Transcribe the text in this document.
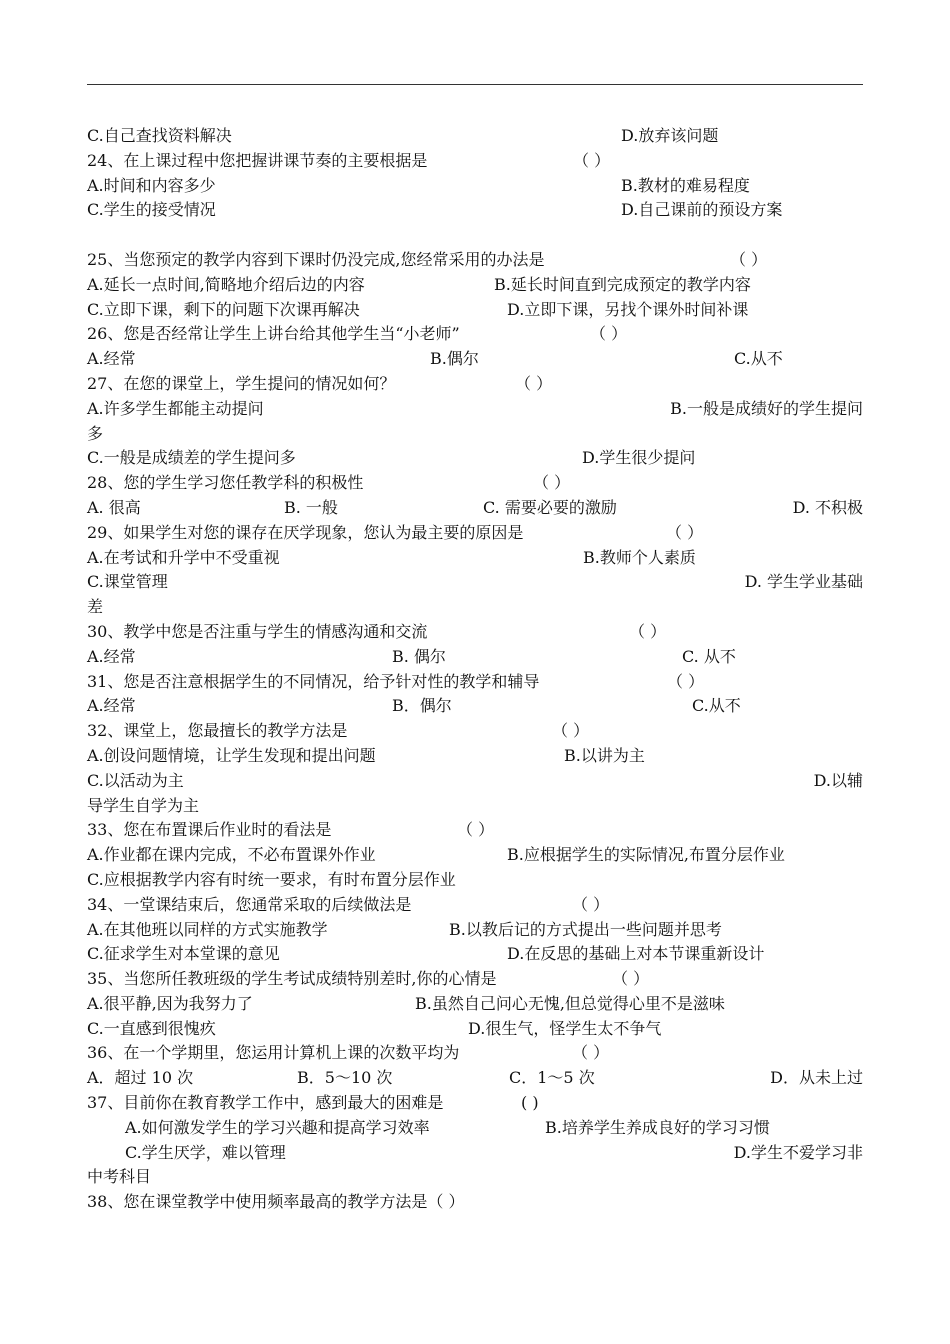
C.自己查找资料解决	D.放弃该问题
24、在上课过程中您把握讲课节奏的主要根据是	（ ）
A.时间和内容多少	B.教材的难易程度
C.学生的接受情况	D.自己课前的预设方案
25、当您预定的教学内容到下课时仍没完成,您经常采用的办法是	（ ）
A.延长一点时间,简略地介绍后边的内容	B.延长时间直到完成预定的教学内容
C.立即下课，剩下的问题下次课再解决	D.立即下课，另找个课外时间补课
26、您是否经常让学生上讲台给其他学生当“小老师”	（ ）
A.经常	B.偶尔	C.从不
27、在您的课堂上，学生提问的情况如何？	（ ）
A.许多学生都能主动提问	B.一般是成绩好的学生提问
多
C.一般是成绩差的学生提问多	D.学生很少提问
28、您的学生学习您任教学科的积极性	（ ）
A. 很高	B. 一般	C. 需要必要的激励	D. 不积极
29、如果学生对您的课存在厌学现象，您认为最主要的原因是	（ ）
A.在考试和升学中不受重视	B.教师个人素质
C.课堂管理	D. 学生学业基础
差
30、教学中您是否注重与学生的情感沟通和交流	（ ）
A.经常	B. 偶尔	C. 从不
31、您是否注意根据学生的不同情况，给予针对性的教学和辅导	（ ）
A.经常	B．偶尔	C.从不
32、课堂上，您最擅长的教学方法是	（ ）
A.创设问题情境，让学生发现和提出问题	B.以讲为主
C.以活动为主	D.以辅
导学生自学为主
33、您在布置课后作业时的看法是	（ ）
A.作业都在课内完成，不必布置课外作业	B.应根据学生的实际情况,布置分层作业
C.应根据教学内容有时统一要求，有时布置分层作业
34、一堂课结束后，您通常采取的后续做法是	（ ）
A.在其他班以同样的方式实施教学	B.以教后记的方式提出一些问题并思考
C.征求学生对本堂课的意见	D.在反思的基础上对本节课重新设计
35、当您所任教班级的学生考试成绩特别差时,你的心情是	（ ）
A.很平静,因为我努力了	B.虽然自己问心无愧,但总觉得心里不是滋味
C.一直感到很愧疚	D.很生气，怪学生太不争气
36、在一个学期里，您运用计算机上课的次数平均为	（ ）
A．超过 10 次	B．5～10 次	C．1～5 次	D．从未上过
37、目前你在教育教学工作中，感到最大的困难是	( )
A.如何激发学生的学习兴趣和提高学习效率	B.培养学生养成良好的学习习惯
C.学生厌学，难以管理	D.学生不爱学习非
中考科目
38、您在课堂教学中使用频率最高的教学方法是（ ）
